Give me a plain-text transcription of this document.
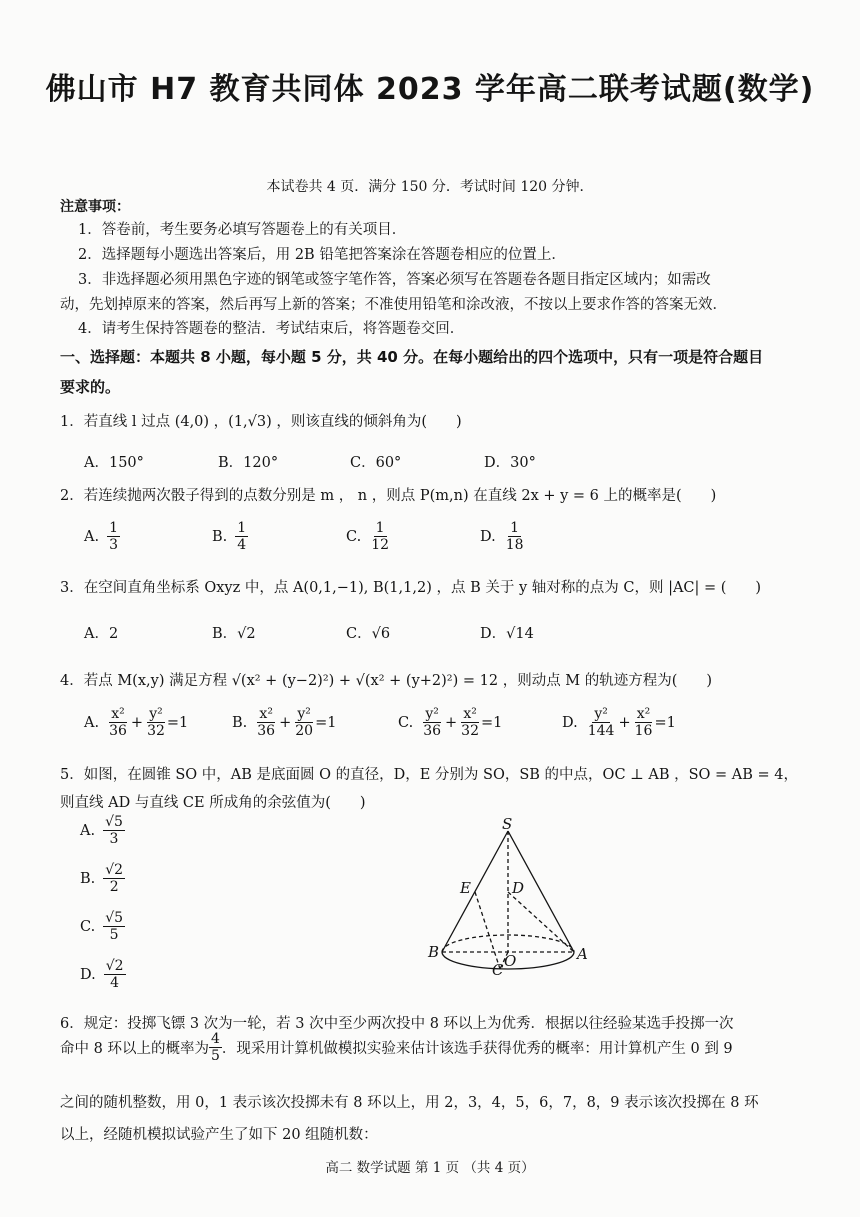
佛山市 H7 教育共同体 2023 学年高二联考试题(数学)
本试卷共 4 页．满分 150 分．考试时间 120 分钟．
注意事项：
1．答卷前，考生要务必填写答题卷上的有关项目．
2．选择题每小题选出答案后，用 2B 铅笔把答案涂在答题卷相应的位置上．
3．非选择题必须用黑色字迹的钢笔或签字笔作答，答案必须写在答题卷各题目指定区域内；如需改
动，先划掉原来的答案，然后再写上新的答案；不准使用铅笔和涂改液，不按以上要求作答的答案无效．
4．请考生保持答题卷的整洁．考试结束后，将答题卷交回．
一、选择题：本题共 8 小题，每小题 5 分，共 40 分。在每小题给出的四个选项中，只有一项是符合题目
要求的。
1．若直线 l 过点 (4,0) ，(1,√3) ，则该直线的倾斜角为(　　)
A．150°	B．120°	C．60°	D．30°
2．若连续抛两次骰子得到的点数分别是 m ， n ，则点 P(m,n) 在直线 2x + y = 6 上的概率是(　　)
A. $\frac{1}{3}$	B. $\frac{1}{4}$	C. $\frac{1}{12}$	D. $\frac{1}{18}$
3．在空间直角坐标系 Oxyz 中，点 A(0,1,−1), B(1,1,2) ，点 B 关于 y 轴对称的点为 C，则 |AC| = (　　)
A．2	B．√2	C．√6	D．√14
4．若点 M(x,y) 满足方程 √(x² + (y−2)²) + √(x² + (y+2)²) = 12 ，则动点 M 的轨迹方程为(　　)
A. $\frac{\text{x²}}{36} + \frac{\text{y²}}{32} =1$	B. $\frac{\text{x²}}{36} + \frac{\text{y²}}{20} =1$	C. $\frac{\text{y²}}{36} + \frac{\text{x²}}{32} =1$	D. $\frac{\text{y²}}{144} + \frac{\text{x²}}{16} =1$
5．如图，在圆锥 SO 中，AB 是底面圆 O 的直径，D，E 分别为 SO，SB 的中点，OC ⊥ AB ，SO = AB = 4，
则直线 AD 与直线 CE 所成角的余弦值为(　　)
A. $\frac{√5}{3}$
B. $\frac{√2}{2}$
C. $\frac{√5}{5}$
D. $\frac{√2}{4}$
S
E	D
B	O	A
C
6．规定：投掷飞镖 3 次为一轮，若 3 次中至少两次投中 8 环以上为优秀．根据以往经验某选手投掷一次
命中 8 环以上的概率为 $\frac{4}{5}$ ．现采用计算机做模拟实验来估计该选手获得优秀的概率：用计算机产生 0 到 9
之间的随机整数，用 0，1 表示该次投掷未有 8 环以上，用 2，3，4，5，6，7，8，9 表示该次投掷在 8 环
以上，经随机模拟试验产生了如下 20 组随机数：
高二 数学试题 第 1 页 （共 4 页）
